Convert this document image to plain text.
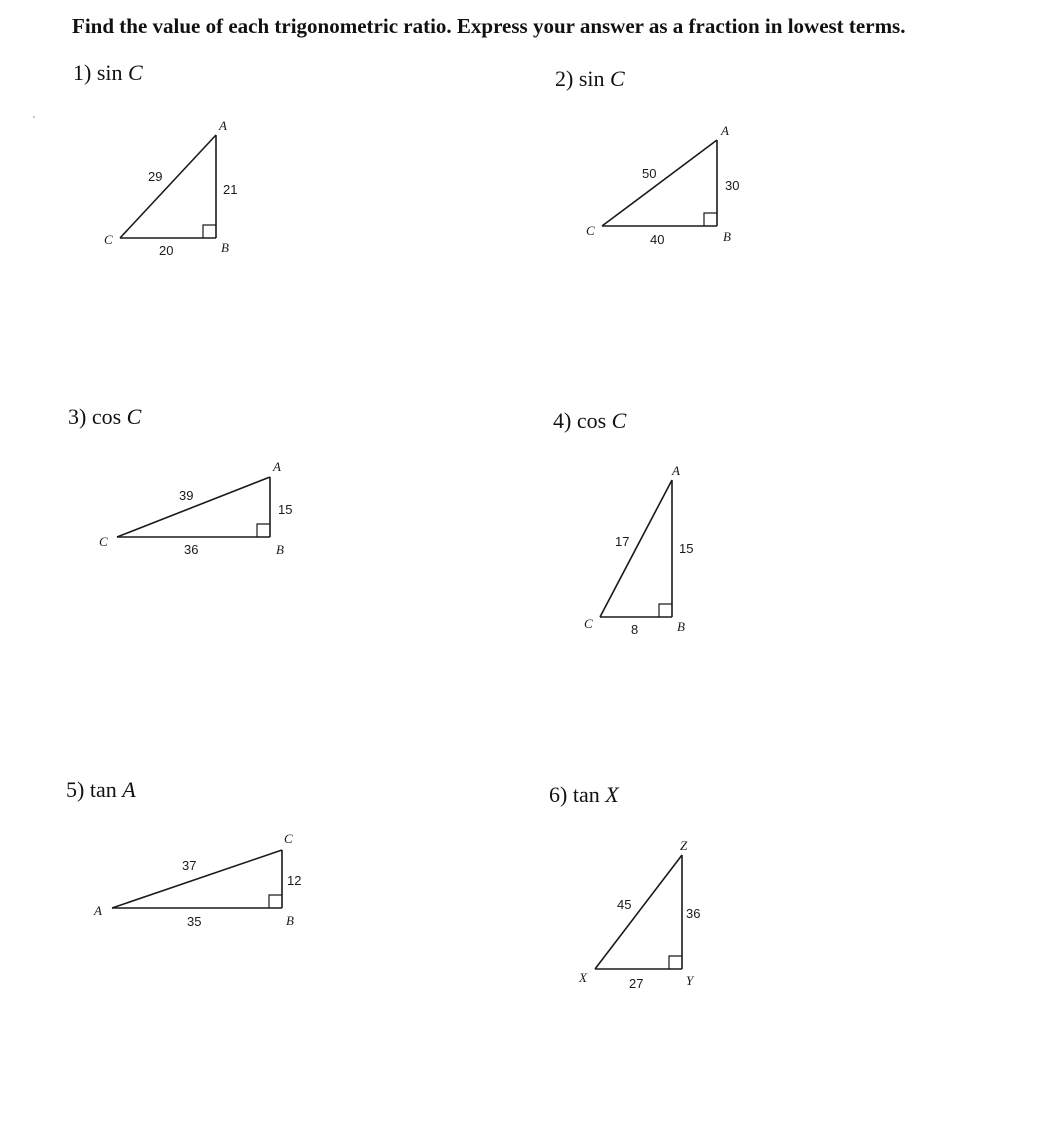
Find the value of each trigonometric ratio. Express your answer as a fraction in lowest terms.
1) sin C
C
A
B
29
21
20
2) sin C
C
A
B
50
30
40
3) cos C
C
A
B
39
15
36
4) cos C
C
A
B
17	15
8
5) tan A
A
C
B
37
12
35
6) tan X
X
Z
Y
45
36
27
